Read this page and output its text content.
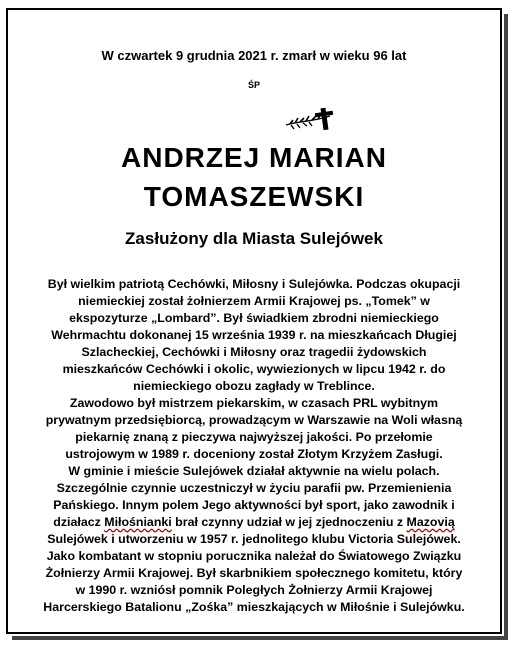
W czwartek 9 grudnia 2021 r. zmarł w wieku 96 lat
ŚP
ANDRZEJ MARIAN
TOMASZEWSKI
Zasłużony dla Miasta Sulejówek
Był wielkim patriotą Cechówki, Miłosny i Sulejówka. Podczas okupacji
niemieckiej został żołnierzem Armii Krajowej ps. „Tomek” w
ekspozyturze „Lombard”. Był świadkiem zbrodni niemieckiego
Wehrmachtu dokonanej 15 września 1939 r. na mieszkańcach Długiej
Szlacheckiej, Cechówki i Miłosny oraz tragedii żydowskich
mieszkańców Cechówki i okolic, wywiezionych w lipcu 1942 r. do
niemieckiego obozu zagłady w Treblince.
Zawodowo był mistrzem piekarskim, w czasach PRL wybitnym
prywatnym przedsiębiorcą, prowadzącym w Warszawie na Woli własną
piekarnię znaną z pieczywa najwyższej jakości. Po przełomie
ustrojowym w 1989 r. doceniony został Złotym Krzyżem Zasługi.
W gminie i mieście Sulejówek działał aktywnie na wielu polach.
Szczególnie czynnie uczestniczył w życiu parafii pw. Przemienienia
Pańskiego. Innym polem Jego aktywności był sport, jako zawodnik i
działacz Miłośnianki brał czynny udział w jej zjednoczeniu z Mazovią
Sulejówek i utworzeniu w 1957 r. jednolitego klubu Victoria Sulejówek.
Jako kombatant w stopniu porucznika należał do Światowego Związku
Żołnierzy Armii Krajowej. Był skarbnikiem społecznego komitetu, który
w 1990 r. wzniósł pomnik Poległych Żołnierzy Armii Krajowej
Harcerskiego Batalionu „Zośka” mieszkających w Miłośnie i Sulejówku.
